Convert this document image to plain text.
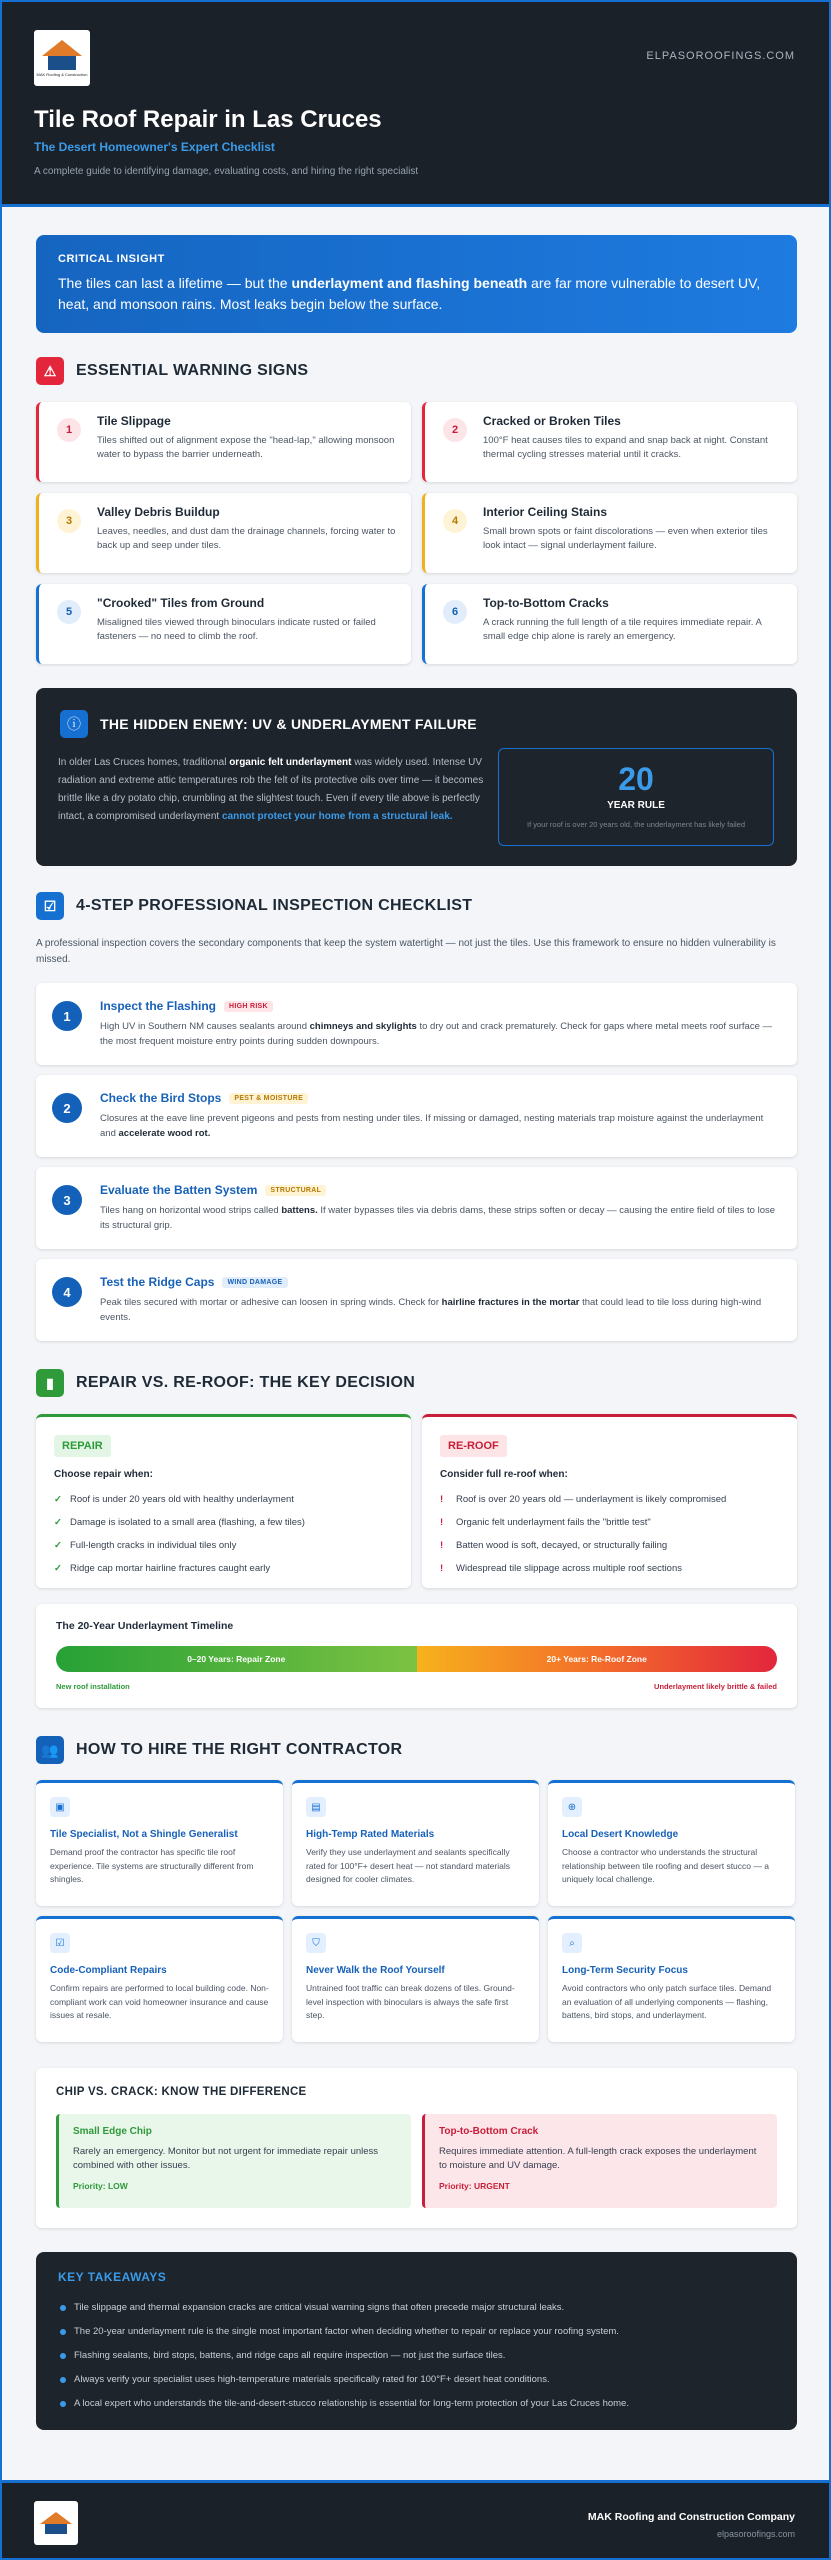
MAK Roofing & Construction
ELPASOROOFINGS.COM
Tile Roof Repair in Las Cruces
The Desert Homeowner's Expert Checklist
A complete guide to identifying damage, evaluating costs, and hiring the right specialist
CRITICAL INSIGHT
The tiles can last a lifetime — but the underlayment and flashing beneath are far more vulnerable to desert UV, heat, and monsoon rains. Most leaks begin below the surface.
⚠	ESSENTIAL WARNING SIGNS
1
Tile Slippage
Tiles shifted out of alignment expose the "head-lap," allowing monsoon water to bypass the barrier underneath.
2
Cracked or Broken Tiles
100°F heat causes tiles to expand and snap back at night. Constant thermal cycling stresses material until it cracks.
3
Valley Debris Buildup
Leaves, needles, and dust dam the drainage channels, forcing water to back up and seep under tiles.
4
Interior Ceiling Stains
Small brown spots or faint discolorations — even when exterior tiles look intact — signal underlayment failure.
5
"Crooked" Tiles from Ground
Misaligned tiles viewed through binoculars indicate rusted or failed fasteners — no need to climb the roof.
6
Top-to-Bottom Cracks
A crack running the full length of a tile requires immediate repair. A small edge chip alone is rarely an emergency.
ⓘ	THE HIDDEN ENEMY: UV & UNDERLAYMENT FAILURE
In older Las Cruces homes, traditional organic felt underlayment was widely used. Intense UV radiation and extreme attic temperatures rob the felt of its protective oils over time — it becomes brittle like a dry potato chip, crumbling at the slightest touch. Even if every tile above is perfectly intact, a compromised underlayment cannot protect your home from a structural leak.
20
YEAR RULE
If your roof is over 20 years old, the underlayment has likely failed
☑	4-STEP PROFESSIONAL INSPECTION CHECKLIST
A professional inspection covers the secondary components that keep the system watertight — not just the tiles. Use this framework to ensure no hidden vulnerability is missed.
1
Inspect the Flashing	HIGH RISK
High UV in Southern NM causes sealants around chimneys and skylights to dry out and crack prematurely. Check for gaps where metal meets roof surface — the most frequent moisture entry points during sudden downpours.
2
Check the Bird Stops	PEST & MOISTURE
Closures at the eave line prevent pigeons and pests from nesting under tiles. If missing or damaged, nesting materials trap moisture against the underlayment and accelerate wood rot.
3
Evaluate the Batten System	STRUCTURAL
Tiles hang on horizontal wood strips called battens. If water bypasses tiles via debris dams, these strips soften or decay — causing the entire field of tiles to lose its structural grip.
4
Test the Ridge Caps	WIND DAMAGE
Peak tiles secured with mortar or adhesive can loosen in spring winds. Check for hairline fractures in the mortar that could lead to tile loss during high-wind events.
▮	REPAIR VS. RE-ROOF: THE KEY DECISION
REPAIR
Choose repair when:
✓ Roof is under 20 years old with healthy underlayment
✓ Damage is isolated to a small area (flashing, a few tiles)
✓ Full-length cracks in individual tiles only
✓ Ridge cap mortar hairline fractures caught early
RE-ROOF
Consider full re-roof when:
! Roof is over 20 years old — underlayment is likely compromised
! Organic felt underlayment fails the "brittle test"
! Batten wood is soft, decayed, or structurally failing
! Widespread tile slippage across multiple roof sections
The 20-Year Underlayment Timeline
0–20 Years: Repair Zone	20+ Years: Re-Roof Zone
New roof installation	Underlayment likely brittle & failed
👥	HOW TO HIRE THE RIGHT CONTRACTOR
▣
Tile Specialist, Not a Shingle Generalist
Demand proof the contractor has specific tile roof experience. Tile systems are structurally different from shingles.
▤
High-Temp Rated Materials
Verify they use underlayment and sealants specifically rated for 100°F+ desert heat — not standard materials designed for cooler climates.
⊕
Local Desert Knowledge
Choose a contractor who understands the structural relationship between tile roofing and desert stucco — a uniquely local challenge.
☑
Code-Compliant Repairs
Confirm repairs are performed to local building code. Non-compliant work can void homeowner insurance and cause issues at resale.
⛉
Never Walk the Roof Yourself
Untrained foot traffic can break dozens of tiles. Ground-level inspection with binoculars is always the safe first step.
⌕
Long-Term Security Focus
Avoid contractors who only patch surface tiles. Demand an evaluation of all underlying components — flashing, battens, bird stops, and underlayment.
CHIP VS. CRACK: KNOW THE DIFFERENCE
Small Edge Chip
Rarely an emergency. Monitor but not urgent for immediate repair unless combined with other issues.
Priority: LOW
Top-to-Bottom Crack
Requires immediate attention. A full-length crack exposes the underlayment to moisture and UV damage.
Priority: URGENT
KEY TAKEAWAYS
Tile slippage and thermal expansion cracks are critical visual warning signs that often precede major structural leaks.
The 20-year underlayment rule is the single most important factor when deciding whether to repair or replace your roofing system.
Flashing sealants, bird stops, battens, and ridge caps all require inspection — not just the surface tiles.
Always verify your specialist uses high-temperature materials specifically rated for 100°F+ desert heat conditions.
A local expert who understands the tile-and-desert-stucco relationship is essential for long-term protection of your Las Cruces home.
MAK Roofing and Construction Company
elpasoroofings.com
